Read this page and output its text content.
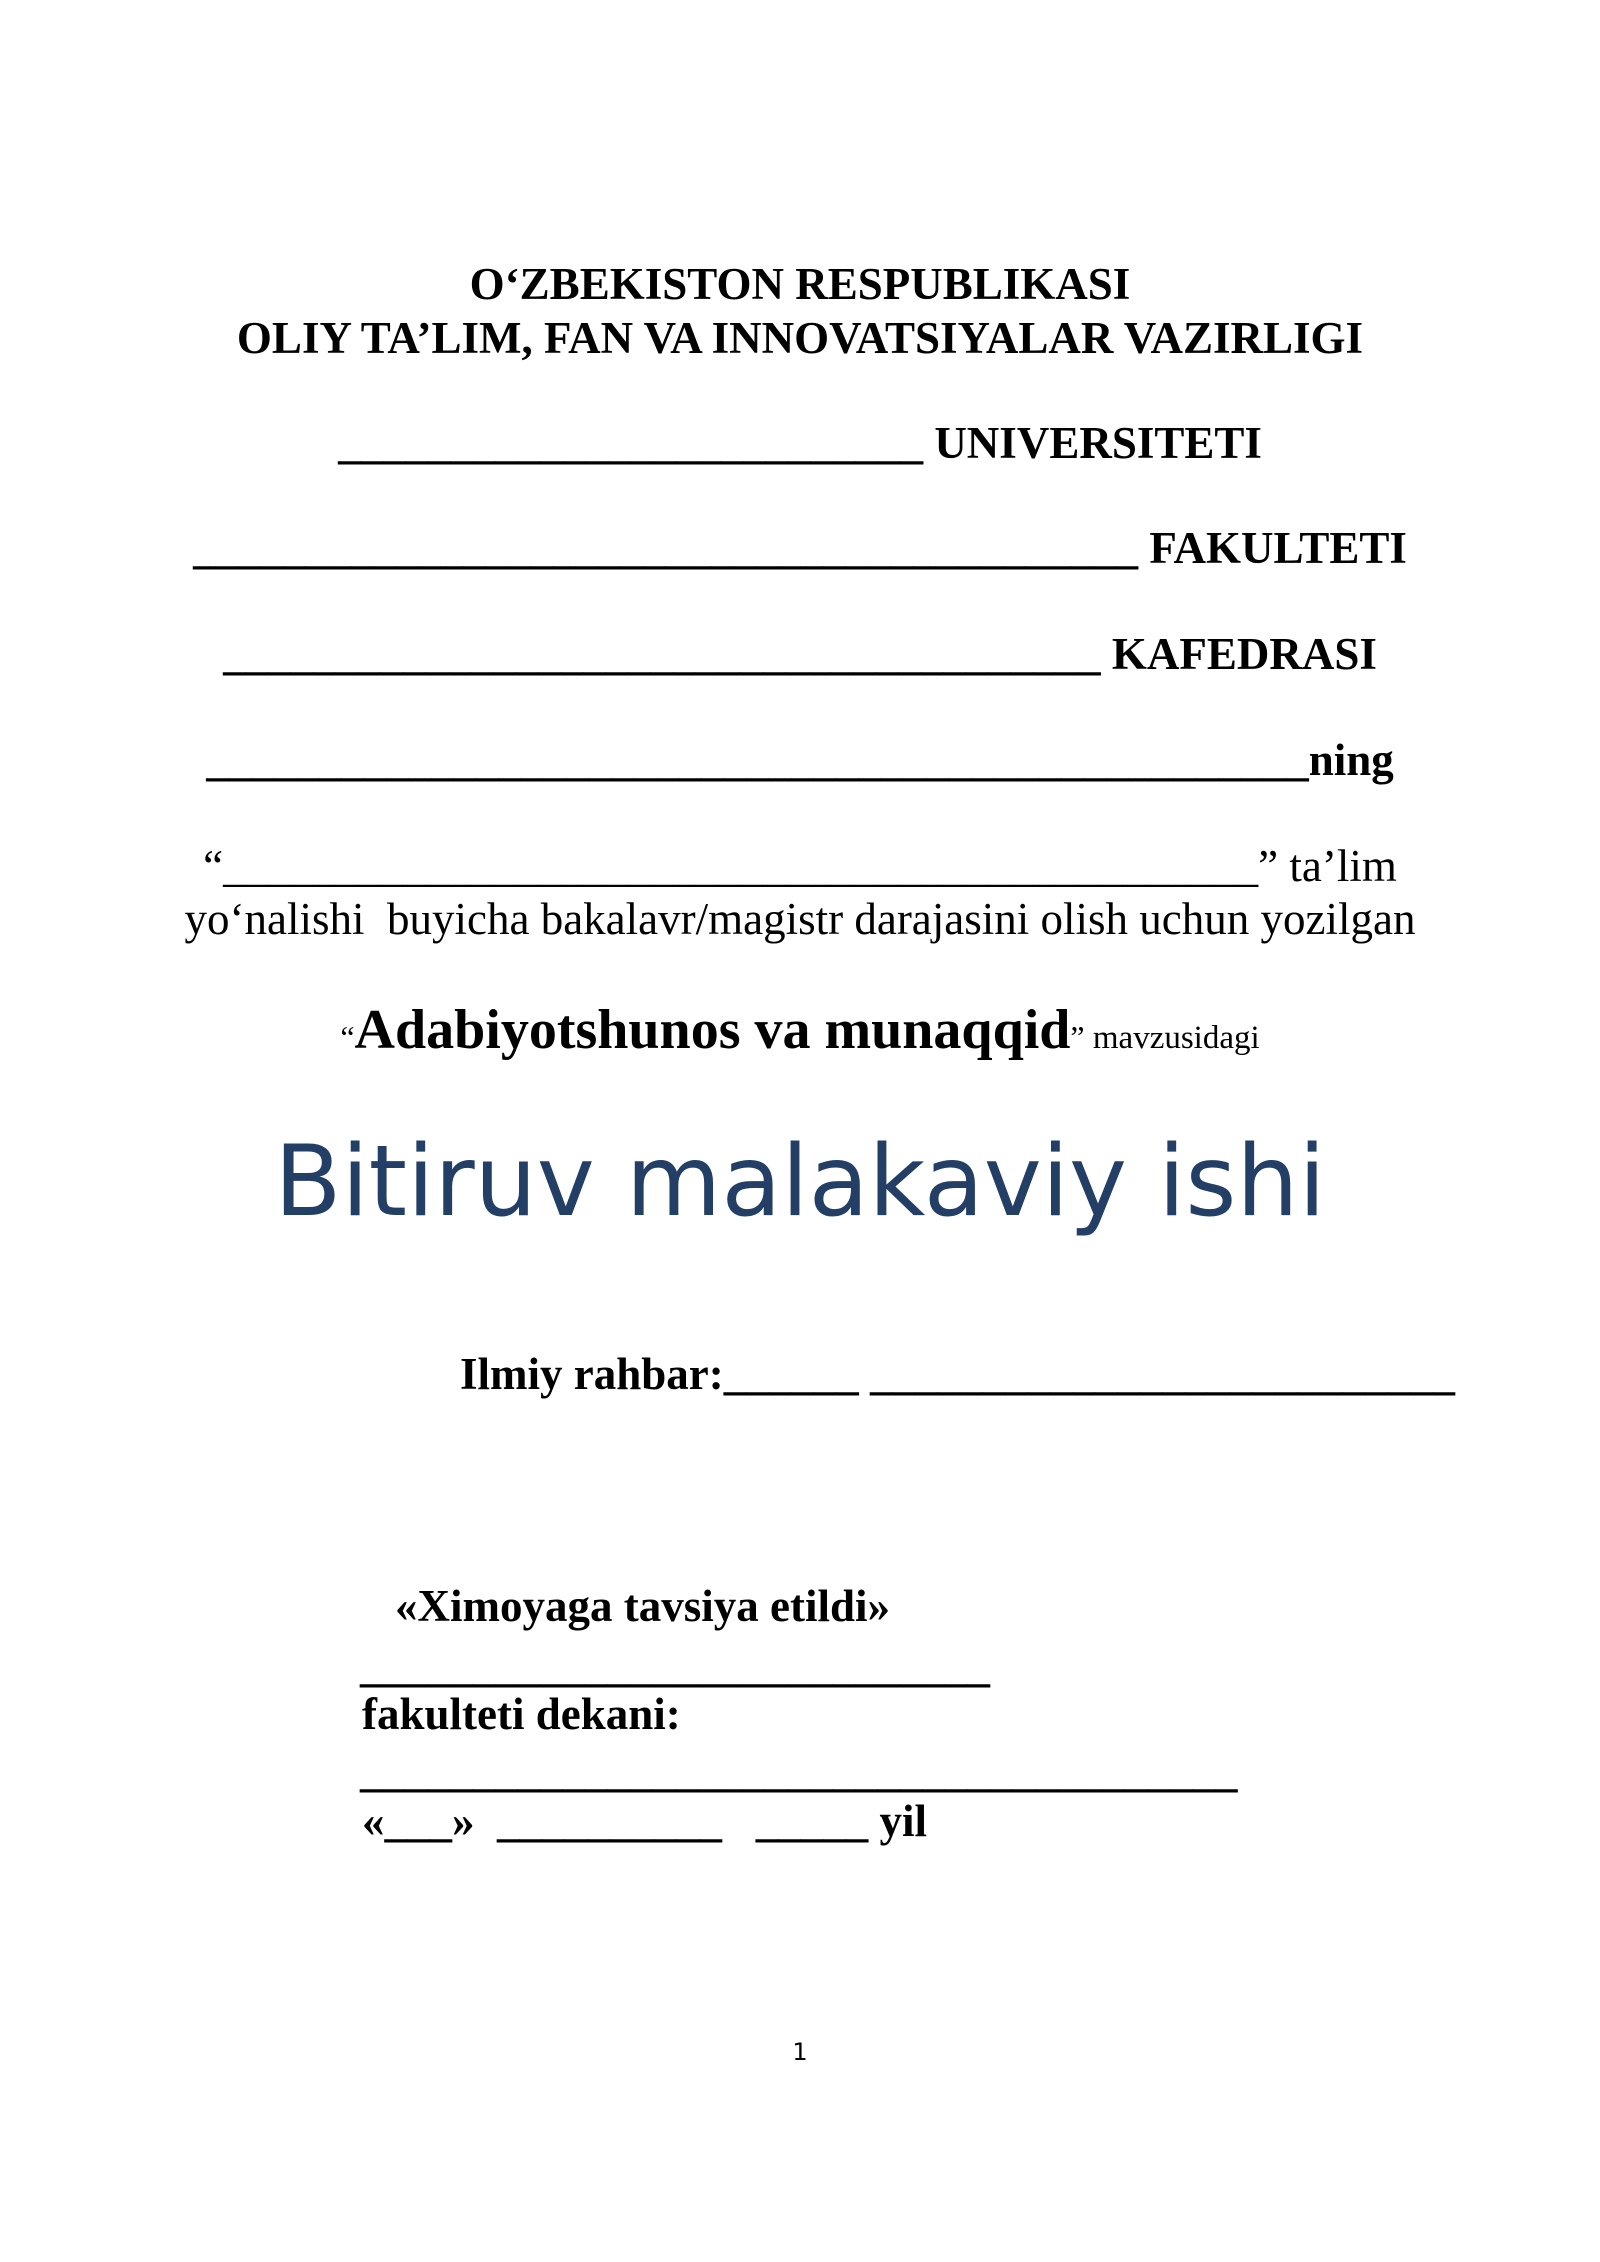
O‘ZBEKISTON RESPUBLIKASI
OLIY TA’LIM, FAN VA INNOVATSIYALAR VAZIRLIGI
__________________________ UNIVERSITETI
__________________________________________ FAKULTETI
_______________________________________ KAFEDRASI
_________________________________________________ning
“______________________________________________” ta’lim
yo‘nalishi  buyicha bakalavr/magistr darajasini olish uchun yozilgan
“Adabiyotshunos va munaqqid” mavzusidagi
Bitiruv malakaviy ishi
Ilmiy rahbar:______ __________________________
«Ximoyaga tavsiya etildi»
____________________________
fakulteti dekani:
_______________________________________
«___»  __________   _____ yil
1
